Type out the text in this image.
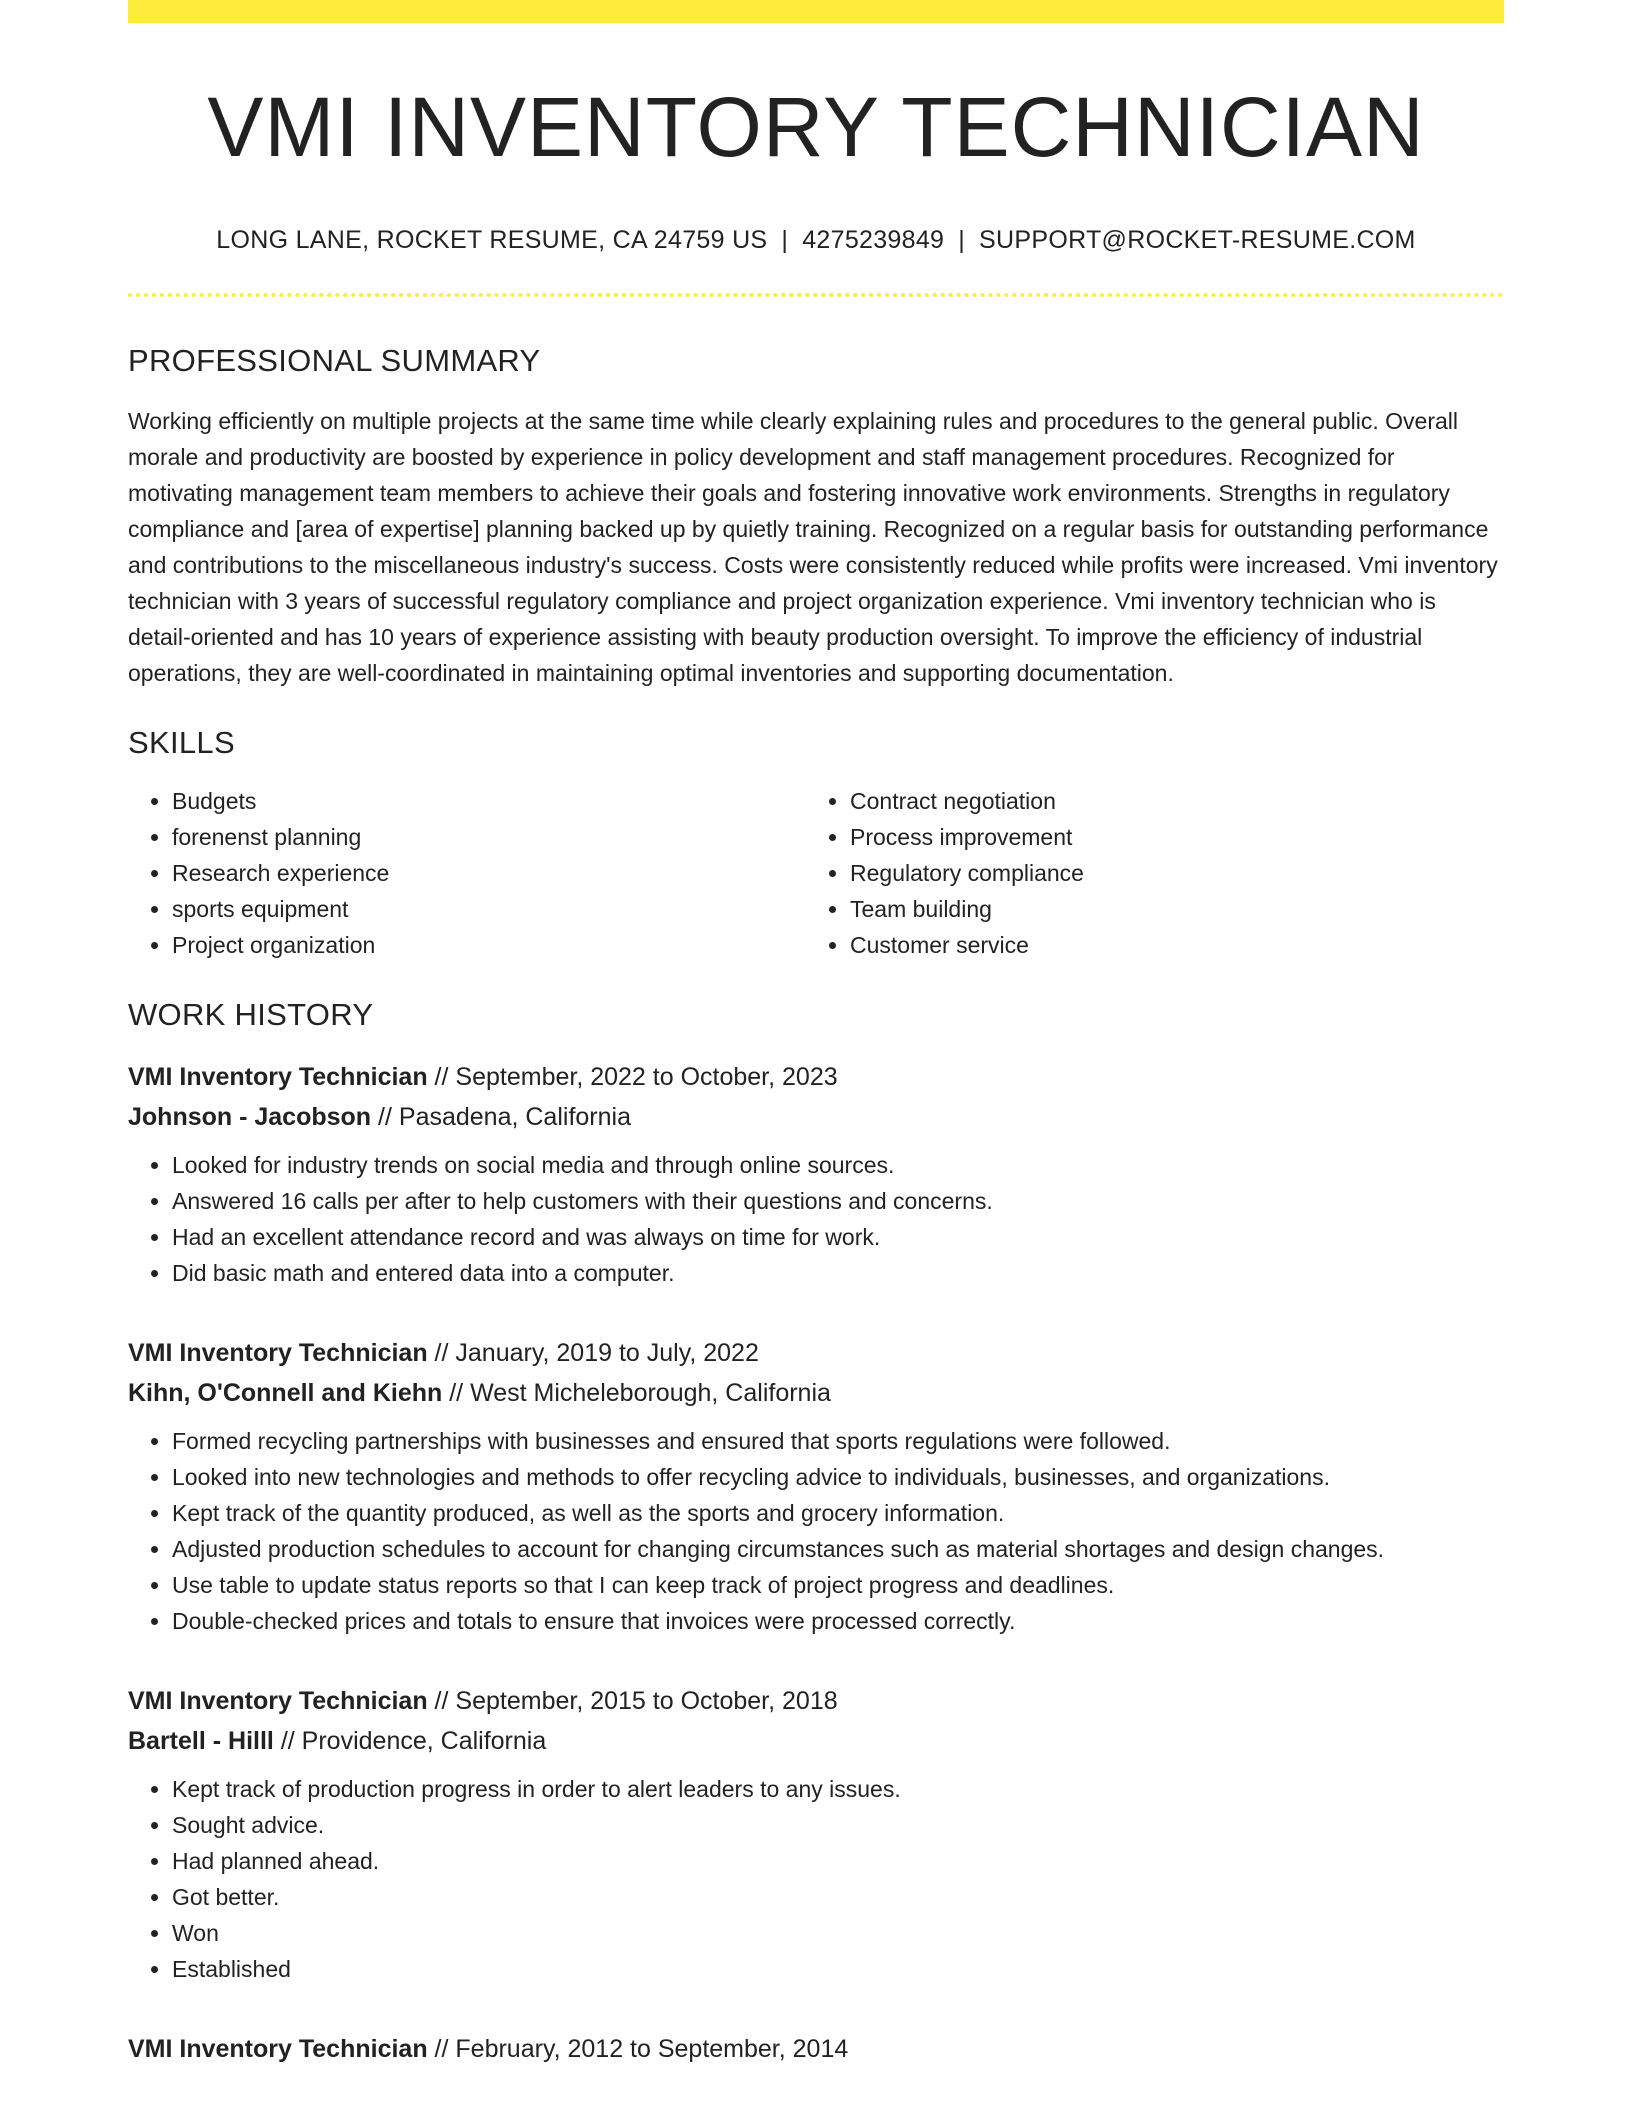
VMI INVENTORY TECHNICIAN
LONG LANE, ROCKET RESUME, CA 24759 US | 4275239849 | SUPPORT@ROCKET-RESUME.COM
PROFESSIONAL SUMMARY

Working efficiently on multiple projects at the same time while clearly explaining rules and procedures to the general public. Overall morale and productivity are boosted by experience in policy development and staff management procedures. Recognized for motivating management team members to achieve their goals and fostering innovative work environments. Strengths in regulatory compliance and [area of expertise] planning backed up by quietly training. Recognized on a regular basis for outstanding performance and contributions to the miscellaneous industry's success. Costs were consistently reduced while profits were increased. Vmi inventory technician with 3 years of successful regulatory compliance and project organization experience. Vmi inventory technician who is detail-oriented and has 10 years of experience assisting with beauty production oversight. To improve the efficiency of industrial operations, they are well-coordinated in maintaining optimal inventories and supporting documentation.

SKILLS
• Budgets
• forenenst planning
• Research experience
• sports equipment
• Project organization
• Contract negotiation
• Process improvement
• Regulatory compliance
• Team building
• Customer service
WORK HISTORY
VMI Inventory Technician // September, 2022 to October, 2023
Johnson - Jacobson // Pasadena, California
• Looked for industry trends on social media and through online sources.
• Answered 16 calls per after to help customers with their questions and concerns.
• Had an excellent attendance record and was always on time for work.
• Did basic math and entered data into a computer.
VMI Inventory Technician // January, 2019 to July, 2022
Kihn, O'Connell and Kiehn // West Micheleborough, California
• Formed recycling partnerships with businesses and ensured that sports regulations were followed.
• Looked into new technologies and methods to offer recycling advice to individuals, businesses, and organizations.
• Kept track of the quantity produced, as well as the sports and grocery information.
• Adjusted production schedules to account for changing circumstances such as material shortages and design changes.
• Use table to update status reports so that I can keep track of project progress and deadlines.
• Double-checked prices and totals to ensure that invoices were processed correctly.
VMI Inventory Technician // September, 2015 to October, 2018
Bartell - Hilll // Providence, California
• Kept track of production progress in order to alert leaders to any issues.
• Sought advice.
• Had planned ahead.
• Got better.
• Won
• Established
VMI Inventory Technician // February, 2012 to September, 2014
